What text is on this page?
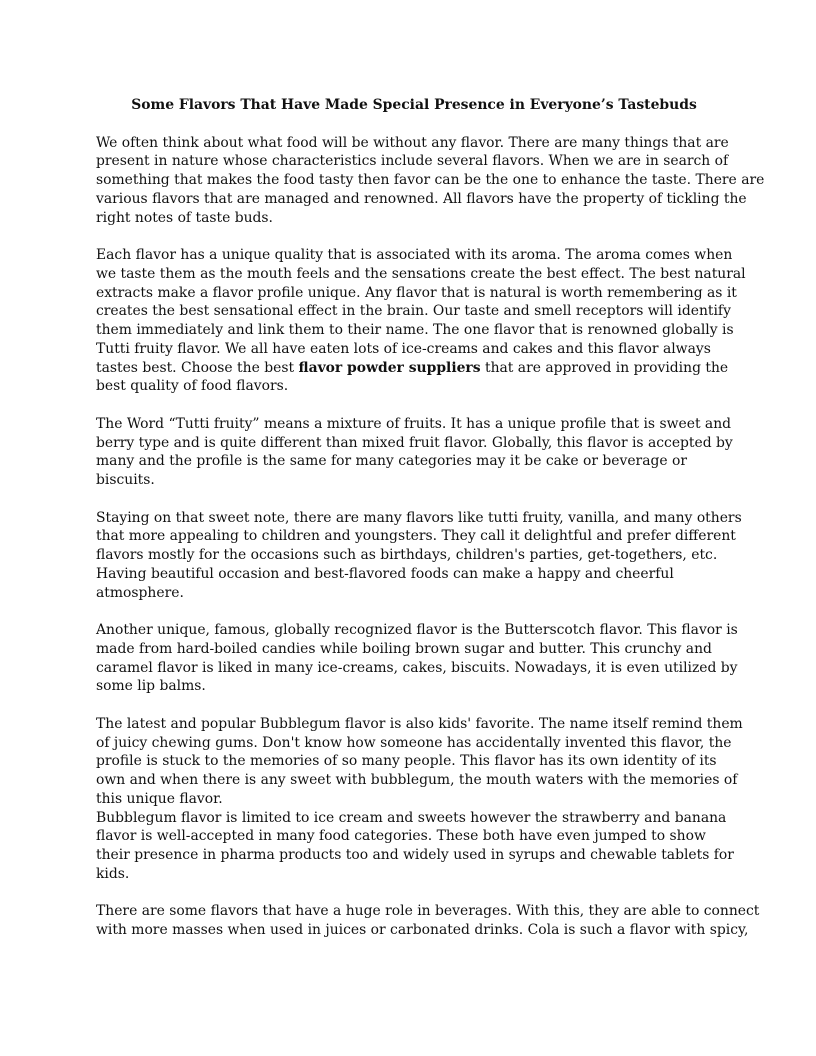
Some Flavors That Have Made Special Presence in Everyone’s Tastebuds
We often think about what food will be without any flavor. There are many things that are
present in nature whose characteristics include several flavors. When we are in search of
something that makes the food tasty then favor can be the one to enhance the taste. There are
various flavors that are managed and renowned. All flavors have the property of tickling the
right notes of taste buds.
Each flavor has a unique quality that is associated with its aroma. The aroma comes when
we taste them as the mouth feels and the sensations create the best effect. The best natural
extracts make a flavor profile unique. Any flavor that is natural is worth remembering as it
creates the best sensational effect in the brain. Our taste and smell receptors will identify
them immediately and link them to their name. The one flavor that is renowned globally is
Tutti fruity flavor. We all have eaten lots of ice-creams and cakes and this flavor always
tastes best. Choose the best flavor powder suppliers that are approved in providing the
best quality of food flavors.
The Word “Tutti fruity” means a mixture of fruits. It has a unique profile that is sweet and
berry type and is quite different than mixed fruit flavor. Globally, this flavor is accepted by
many and the profile is the same for many categories may it be cake or beverage or
biscuits.
Staying on that sweet note, there are many flavors like tutti fruity, vanilla, and many others
that more appealing to children and youngsters. They call it delightful and prefer different
flavors mostly for the occasions such as birthdays, children's parties, get-togethers, etc.
Having beautiful occasion and best-flavored foods can make a happy and cheerful
atmosphere.
Another unique, famous, globally recognized flavor is the Butterscotch flavor. This flavor is
made from hard-boiled candies while boiling brown sugar and butter. This crunchy and
caramel flavor is liked in many ice-creams, cakes, biscuits. Nowadays, it is even utilized by
some lip balms.
The latest and popular Bubblegum flavor is also kids' favorite. The name itself remind them
of juicy chewing gums. Don't know how someone has accidentally invented this flavor, the
profile is stuck to the memories of so many people. This flavor has its own identity of its
own and when there is any sweet with bubblegum, the mouth waters with the memories of
this unique flavor.
Bubblegum flavor is limited to ice cream and sweets however the strawberry and banana
flavor is well-accepted in many food categories. These both have even jumped to show
their presence in pharma products too and widely used in syrups and chewable tablets for
kids.
There are some flavors that have a huge role in beverages. With this, they are able to connect
with more masses when used in juices or carbonated drinks. Cola is such a flavor with spicy,
